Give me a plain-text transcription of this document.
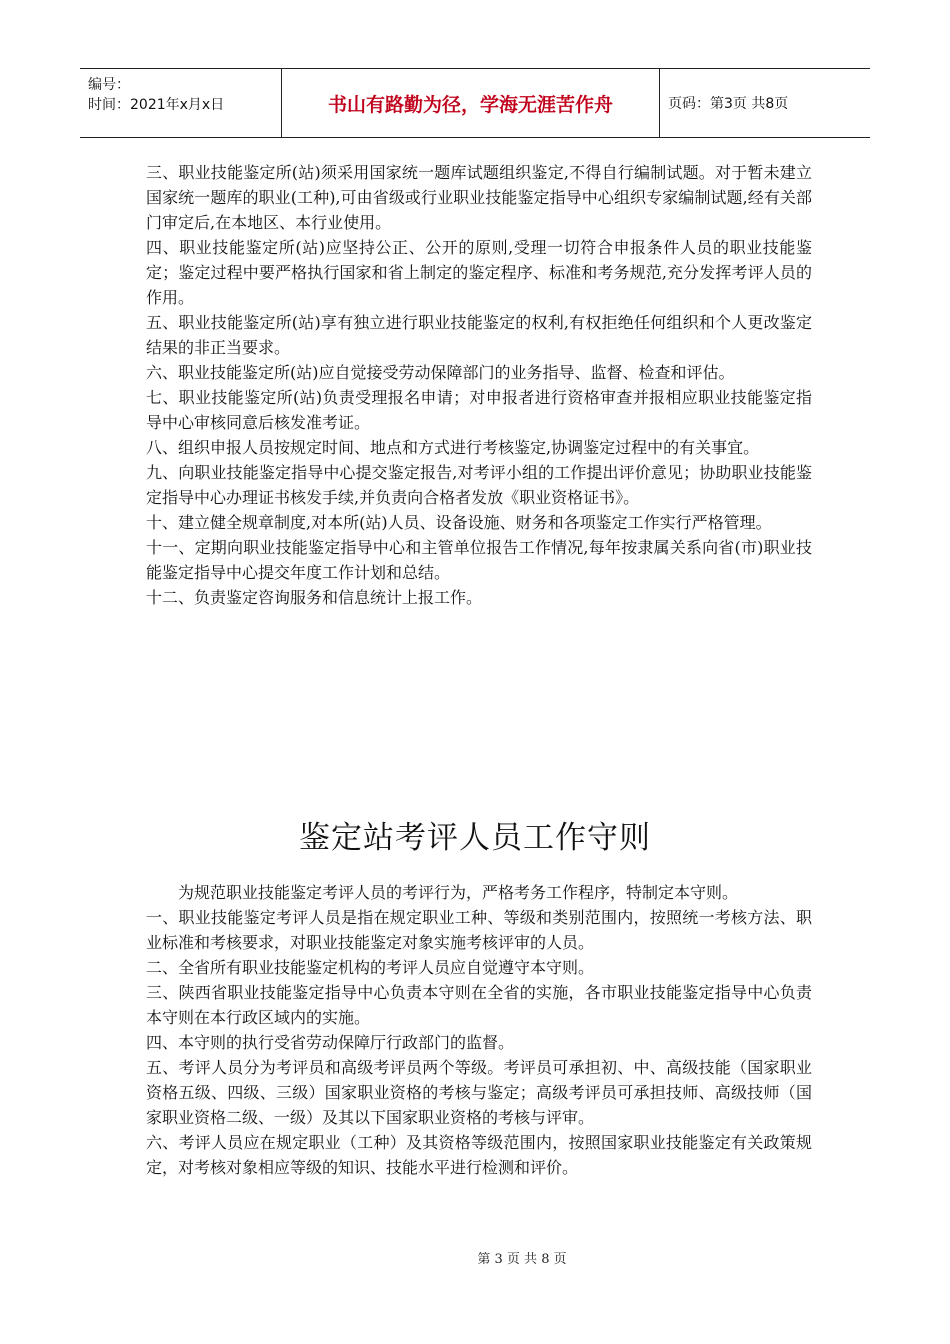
编号：
时间：2021年x月x日	书山有路勤为径，学海无涯苦作舟	页码：第3页 共8页

三、职业技能鉴定所(站)须采用国家统一题库试题组织鉴定,不得自行编制试题。对于暂未建立国家统一题库的职业(工种),可由省级或行业职业技能鉴定指导中心组织专家编制试题,经有关部门审定后,在本地区、本行业使用。

四、职业技能鉴定所(站)应坚持公正、公开的原则,受理一切符合申报条件人员的职业技能鉴定；鉴定过程中要严格执行国家和省上制定的鉴定程序、标准和考务规范,充分发挥考评人员的作用。

五、职业技能鉴定所(站)享有独立进行职业技能鉴定的权利,有权拒绝任何组织和个人更改鉴定结果的非正当要求。

六、职业技能鉴定所(站)应自觉接受劳动保障部门的业务指导、监督、检查和评估。

七、职业技能鉴定所(站)负责受理报名申请；对申报者进行资格审查并报相应职业技能鉴定指导中心审核同意后核发准考证。

八、组织申报人员按规定时间、地点和方式进行考核鉴定,协调鉴定过程中的有关事宜。

九、向职业技能鉴定指导中心提交鉴定报告,对考评小组的工作提出评价意见；协助职业技能鉴定指导中心办理证书核发手续,并负责向合格者发放《职业资格证书》。

十、建立健全规章制度,对本所(站)人员、设备设施、财务和各项鉴定工作实行严格管理。

十一、定期向职业技能鉴定指导中心和主管单位报告工作情况,每年按隶属关系向省(市)职业技能鉴定指导中心提交年度工作计划和总结。

十二、负责鉴定咨询服务和信息统计上报工作。

鉴定站考评人员工作守则

为规范职业技能鉴定考评人员的考评行为，严格考务工作程序，特制定本守则。

一、职业技能鉴定考评人员是指在规定职业工种、等级和类别范围内，按照统一考核方法、职业标准和考核要求，对职业技能鉴定对象实施考核评审的人员。

二、全省所有职业技能鉴定机构的考评人员应自觉遵守本守则。

三、陕西省职业技能鉴定指导中心负责本守则在全省的实施，各市职业技能鉴定指导中心负责本守则在本行政区域内的实施。

四、本守则的执行受省劳动保障厅行政部门的监督。

五、考评人员分为考评员和高级考评员两个等级。考评员可承担初、中、高级技能（国家职业资格五级、四级、三级）国家职业资格的考核与鉴定；高级考评员可承担技师、高级技师（国家职业资格二级、一级）及其以下国家职业资格的考核与评审。

六、考评人员应在规定职业（工种）及其资格等级范围内，按照国家职业技能鉴定有关政策规定，对考核对象相应等级的知识、技能水平进行检测和评价。

第 3 页 共 8 页
